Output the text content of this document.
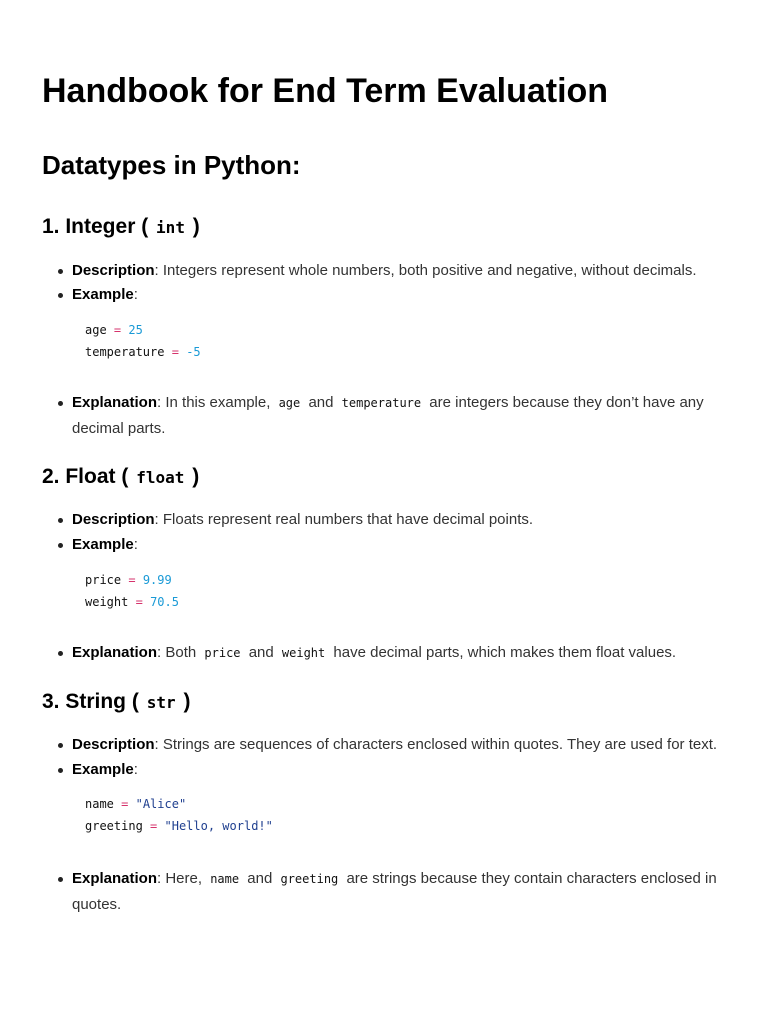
Handbook for End Term Evaluation
Datatypes in Python:
1. Integer ( int )
Description: Integers represent whole numbers, both positive and negative, without decimals.
Example:
age = 25
temperature = -5
Explanation: In this example, age and temperature are integers because they don’t have any decimal parts.
2. Float ( float )
Description: Floats represent real numbers that have decimal points.
Example:
price = 9.99
weight = 70.5
Explanation: Both price and weight have decimal parts, which makes them float values.
3. String ( str )
Description: Strings are sequences of characters enclosed within quotes. They are used for text.
Example:
name = "Alice"
greeting = "Hello, world!"
Explanation: Here, name and greeting are strings because they contain characters enclosed in quotes.
